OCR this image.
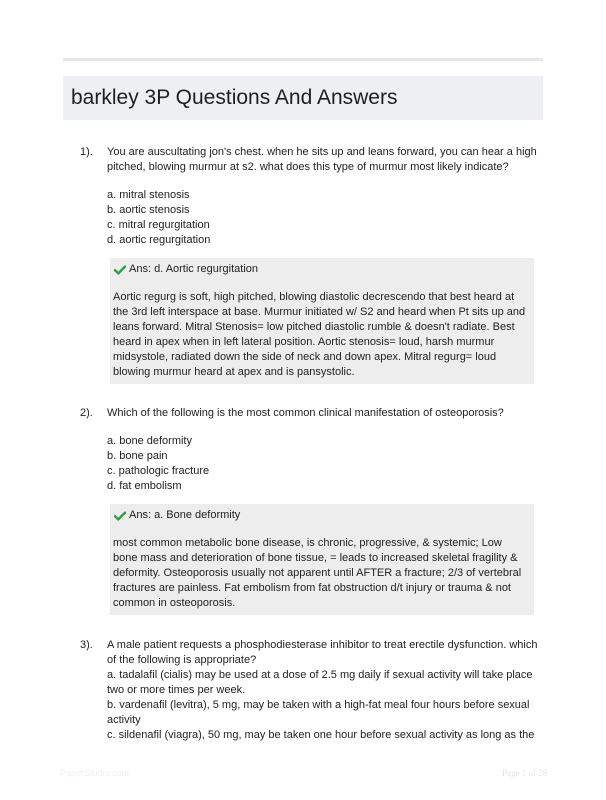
barkley 3P Questions And Answers
1).	You are auscultating jon's chest. when he sits up and leans forward, you can hear a high pitched, blowing murmur at s2. what does this type of murmur most likely indicate?

a. mitral stenosis

b. aortic stenosis

c. mitral regurgitation

d. aortic regurgitation

Ans: d. Aortic regurgitation

Aortic regurg is soft, high pitched, blowing diastolic decrescendo that best heard at the 3rd left interspace at base. Murmur initiated w/ S2 and heard when Pt sits up and leans forward. Mitral Stenosis= low pitched diastolic rumble & doesn't radiate. Best heard in apex when in left lateral position. Aortic stenosis= loud, harsh murmur midsystole, radiated down the side of neck and down apex. Mitral regurg= loud blowing murmur heard at apex and is pansystolic.

2).	Which of the following is the most common clinical manifestation of osteoporosis?

a. bone deformity

b. bone pain

c. pathologic fracture

d. fat embolism

Ans: a. Bone deformity

most common metabolic bone disease, is chronic, progressive, & systemic; Low bone mass and deterioration of bone tissue, = leads to increased skeletal fragility & deformity. Osteoporosis usually not apparent until AFTER a fracture; 2/3 of vertebral fractures are painless. Fat embolism from fat obstruction d/t injury or trauma & not common in osteoporosis.

3).	A male patient requests a phosphodiesterase inhibitor to treat erectile dysfunction. which of the following is appropriate?

a. tadalafil (cialis) may be used at a dose of 2.5 mg daily if sexual activity will take place two or more times per week.

b. vardenafil (levitra), 5 mg, may be taken with a high-fat meal four hours before sexual activity

c. sildenafil (viagra), 50 mg, may be taken one hour before sexual activity as long as the

PaperStudio.com	Page 1 of 28
